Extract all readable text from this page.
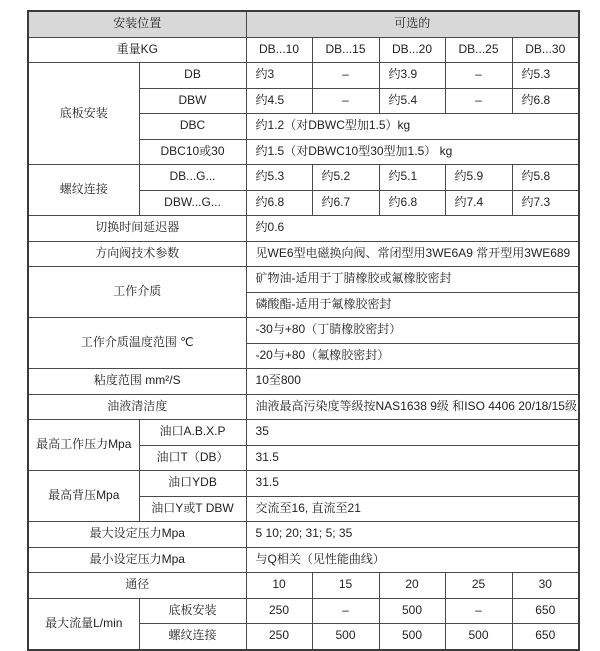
安装位置		可选的				
重量KG		DB...10	DB...15	DB...20	DB...25	DB...30
底板安装	DB	约3	–	约3.9	–	约5.3
	DBW	约4.5	–	约5.4	–	约6.8
	DBC	约1.2（对DBWC型加1.5）kg				
	DBC10或30	约1.5（对DBWC10型30型加1.5） kg				
螺纹连接	DB...G...	约5.3	约5.2	约5.1	约5.9	约5.8
	DBW...G...	约6.8	约6.7	约6.8	约7.4	约7.3
切换时间延迟器		约0.6				
方向阀技术参数		见WE6型电磁换向阀、常闭型用3WE6A9 常开型用3WE689				
工作介质		矿物油-适用于丁腈橡胶或氟橡胶密封				
		磷酸酯-适用于氟橡胶密封				
工作介质温度范围 ℃		-30与+80（丁腈橡胶密封）				
		-20与+80（氟橡胶密封）				
粘度范围 mm²/S		10至800				
油液清洁度		油液最高污染度等级按NAS1638 9级 和ISO 4406 20/18/15级				
最高工作压力Mpa	油口A.B.X.P	35				
	油口T（DB）	31.5				
最高背压Mpa	油口YDB	31.5				
	油口Y或T DBW	交流至16, 直流至21				
最大设定压力Mpa		5 10; 20; 31; 5; 35				
最小设定压力Mpa		与Q相关（见性能曲线）				
通径		10	15	20	25	30
最大流量L/min	底板安装	250	–	500	–	650
	螺纹连接	250	500	500	500	650
